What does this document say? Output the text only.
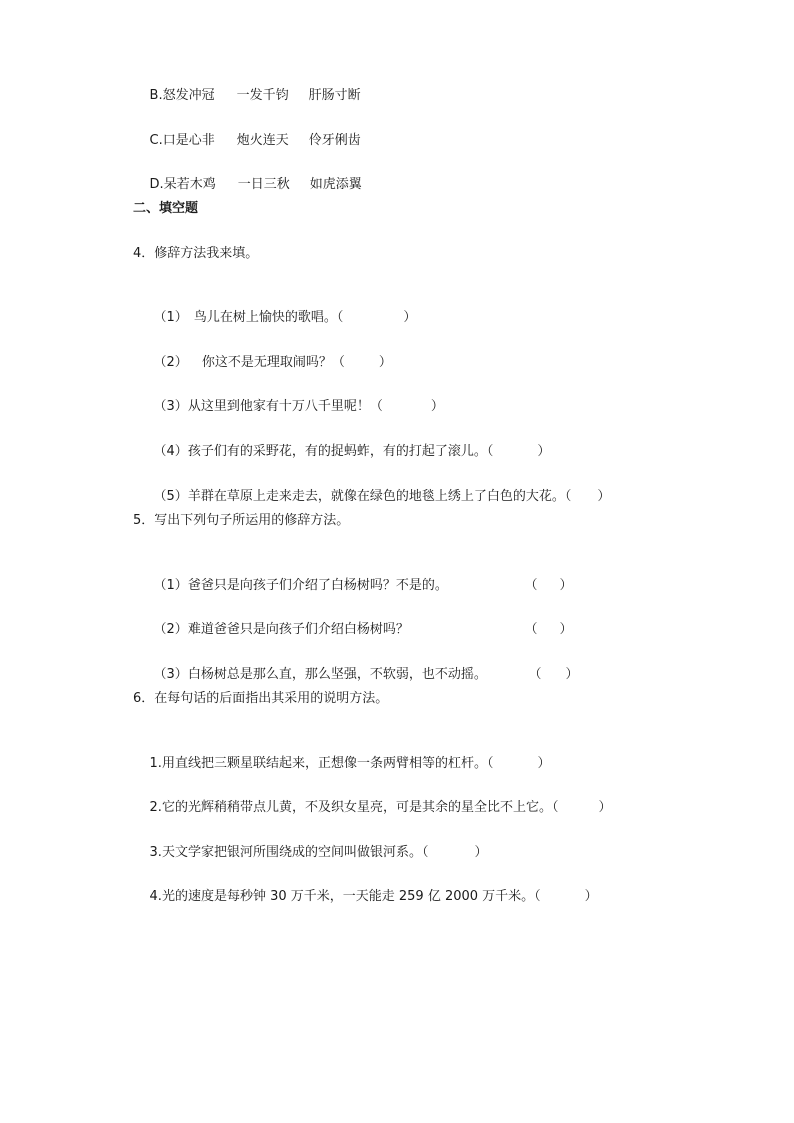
B.怒发冲冠 一发千钧 肝肠寸断

C.口是心非 炮火连天 伶牙俐齿

D.呆若木鸡 一日三秋 如虎添翼

二、填空题
4．修辞方法我来填。

（1） 鸟儿在树上愉快的歌唱。（	）

（2） 你这不是无理取闹吗？（	）

（3）从这里到他家有十万八千里呢！（	）

（4）孩子们有的采野花，有的捉蚂蚱，有的打起了滚儿。（	）

（5）羊群在草原上走来走去，就像在绿色的地毯上绣上了白色的大花。（ ）

5．写出下列句子所运用的修辞方法。

（1）爸爸只是向孩子们介绍了白杨树吗？不是的。
	（ ）

（2）难道爸爸只是向孩子们介绍白杨树吗？
	（ ）

（3）白杨树总是那么直，那么坚强，不软弱，也不动摇。
	（ ）

6．在每句话的后面指出其采用的说明方法。

1.用直线把三颗星联结起来，正想像一条两臂相等的杠杆。（	）

2.它的光辉稍稍带点儿黄，不及织女星亮，可是其余的星全比不上它。（	）

3.天文学家把银河所围绕成的空间叫做银河系。（	）

4.光的速度是每秒钟 30 万千米，一天能走 259 亿 2000 万千米。（	）
